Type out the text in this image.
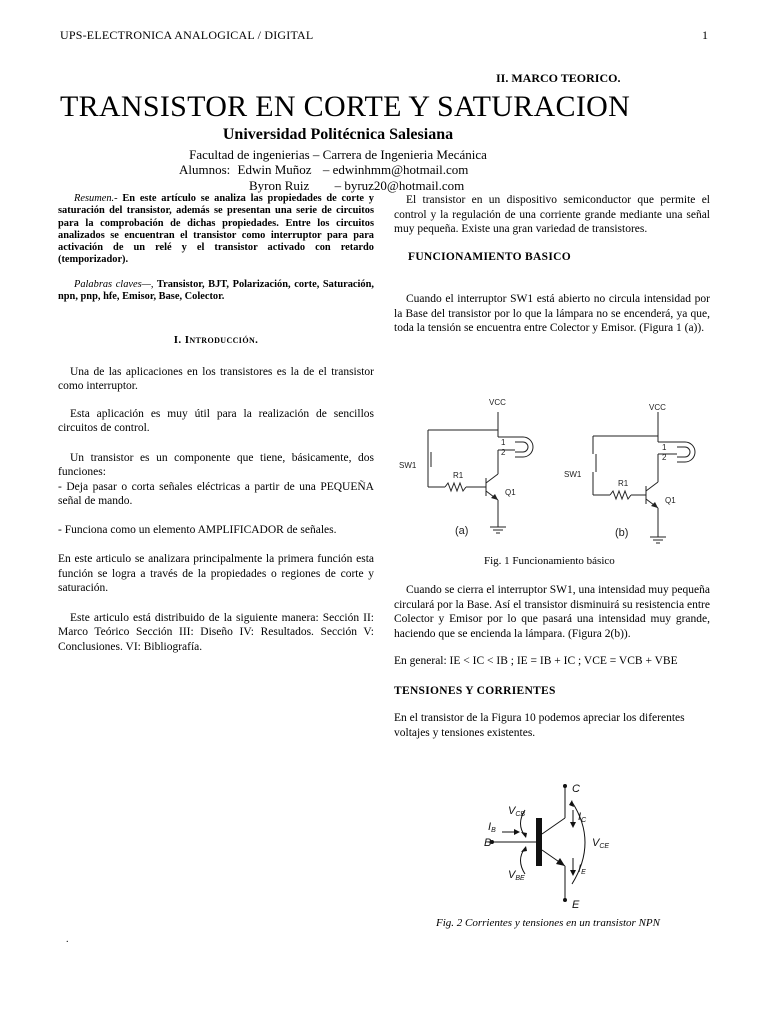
UPS-ELECTRONICA ANALOGICAL / DIGITAL	1
II. MARCO TEORICO.
TRANSISTOR EN CORTE Y SATURACION
Universidad Politécnica Salesiana
Facultad de ingenierias – Carrera de Ingenieria Mecánica
Alumnos: Edwin Muñoz – edwinhmm@hotmail.com
Byron Ruiz – byruz20@hotmail.com

Resumen.- En este artículo se analiza las propiedades de corte y saturación del transistor, además se presentan una serie de circuitos para la comprobación de dichas propiedades. Entre los circuitos analizados se encuentran el transistor como interruptor para para activación de un relé y el transistor activado con retardo (temporizador).

Palabras claves—, Transistor, BJT, Polarización, corte, Saturación, npn, pnp, hfe, Emisor, Base, Colector.

I. Introducción.

Una de las aplicaciones en los transistores es la de el transistor como interruptor.

Esta aplicación es muy útil para la realización de sencillos circuitos de control.

Un transistor es un componente que tiene, básicamente, dos funciones:

- Deja pasar o corta señales eléctricas a partir de una PEQUEÑA señal de mando.

- Funciona como un elemento AMPLIFICADOR de señales.

En este articulo se analizara principalmente la primera función esta función se logra a través de la propiedades o regiones de corte y saturación.

Este articulo está distribuido de la siguiente manera: Sección II: Marco Teórico Sección III: Diseño IV: Resultados. Sección V: Conclusiones. VI: Bibliografía.

El transistor en un dispositivo semiconductor que permite el control y la regulación de una corriente grande mediante una señal muy pequeña. Existe una gran variedad de transistores.

FUNCIONAMIENTO BASICO

Cuando el interruptor SW1 está abierto no circula intensidad por la Base del transistor por lo que la lámpara no se encenderá, ya que, toda la tensión se encuentra entre Colector y Emisor. (Figura 1 (a)).

VCC
VCC
SW1
SW1
R1
R1
Q1
Q1
1
2
1
2
(a)	(b)
Fig. 1 Funcionamiento básico

Cuando se cierra el interruptor SW1, una intensidad muy pequeña circulará por la Base. Así el transistor disminuirá su resistencia entre Colector y Emisor por lo que pasará una intensidad muy grande, haciendo que se encienda la lámpara. (Figura 2(b)).

En general: IE < IC < IB ; IE = IB + IC ; VCE = VCB + VBE

TENSIONES Y CORRIENTES

En el transistor de la Figura 10 podemos apreciar los diferentes voltajes y tensiones existentes.

C
B
E
IB
IC
IE
VCB
VBE
VCE
Fig. 2 Corrientes y tensiones en un transistor NPN
.
